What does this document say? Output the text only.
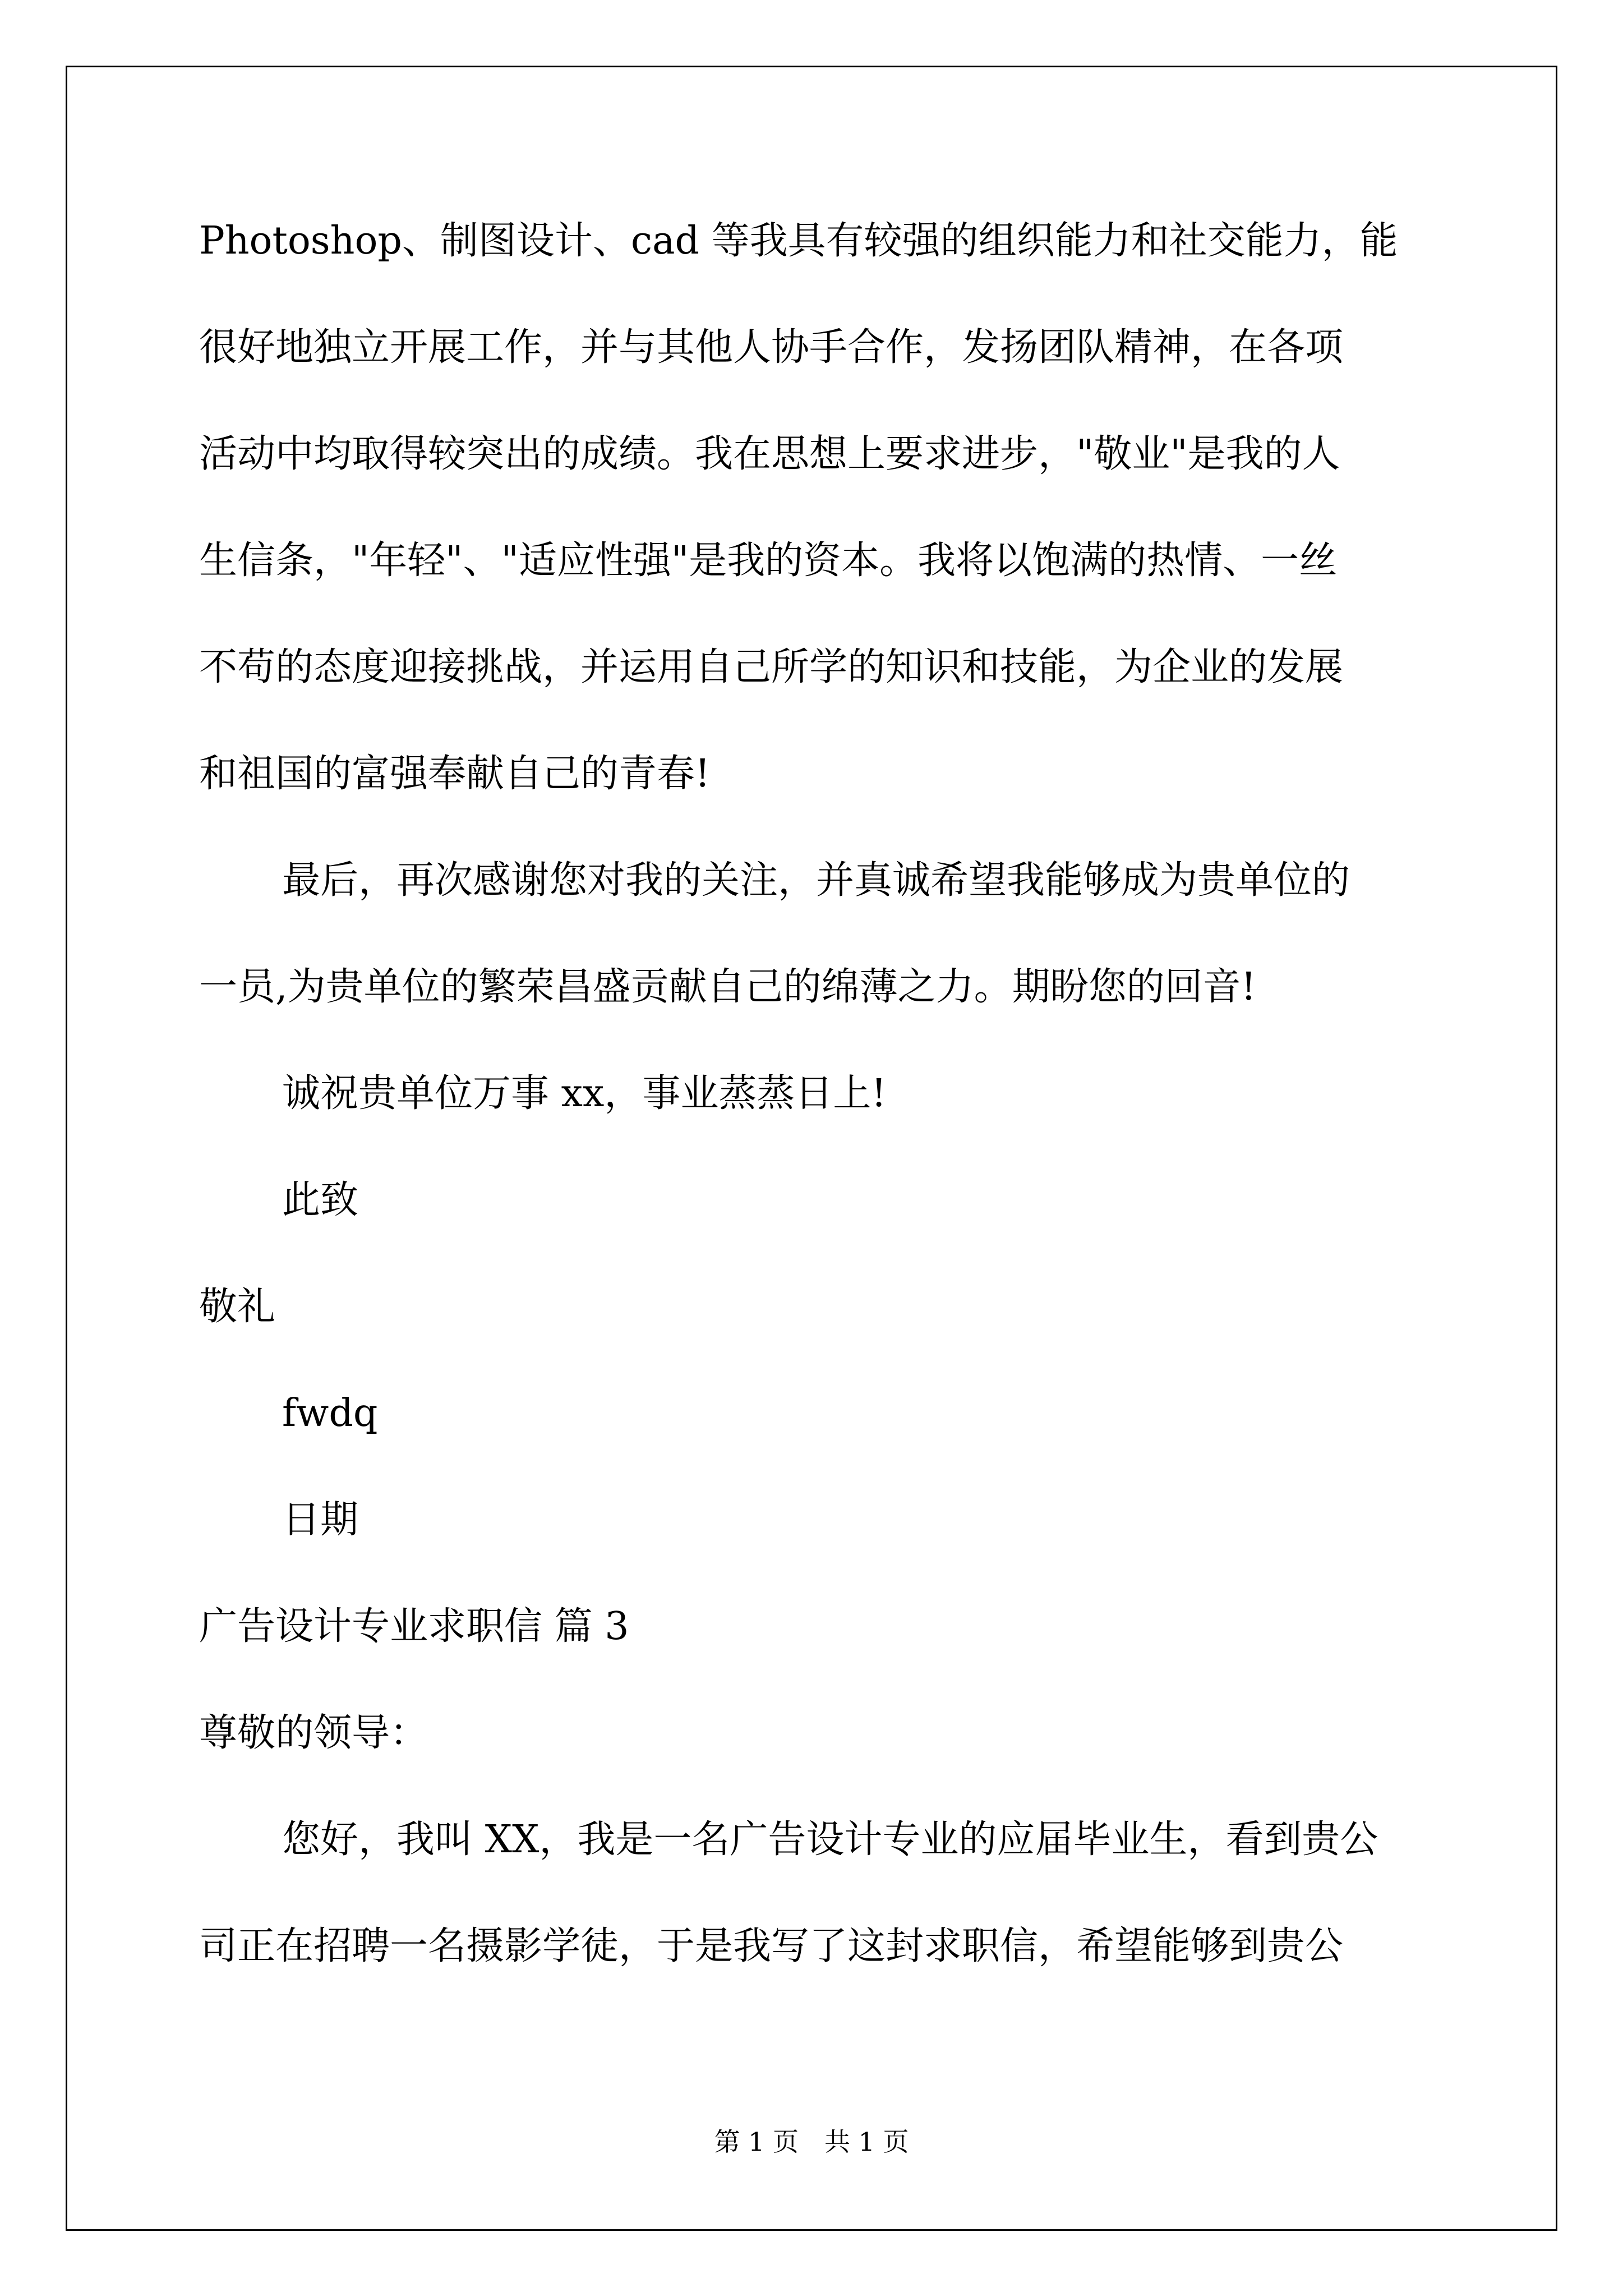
Photoshop、制图设计、cad 等我具有较强的组织能力和社交能力，能
很好地独立开展工作，并与其他人协手合作，发扬团队精神，在各项
活动中均取得较突出的成绩。我在思想上要求进步，"敬业"是我的人
生信条，"年轻"、"适应性强"是我的资本。我将以饱满的热情、一丝
不苟的态度迎接挑战，并运用自己所学的知识和技能，为企业的发展
和祖国的富强奉献自己的青春!
最后，再次感谢您对我的关注，并真诚希望我能够成为贵单位的
一员,为贵单位的繁荣昌盛贡献自己的绵薄之力。期盼您的回音!
诚祝贵单位万事 xx，事业蒸蒸日上!
此致
敬礼
fwdq
日期
广告设计专业求职信 篇 3
尊敬的领导：
您好，我叫 XX，我是一名广告设计专业的应届毕业生，看到贵公
司正在招聘一名摄影学徒，于是我写了这封求职信，希望能够到贵公
第 1 页　共 1 页
